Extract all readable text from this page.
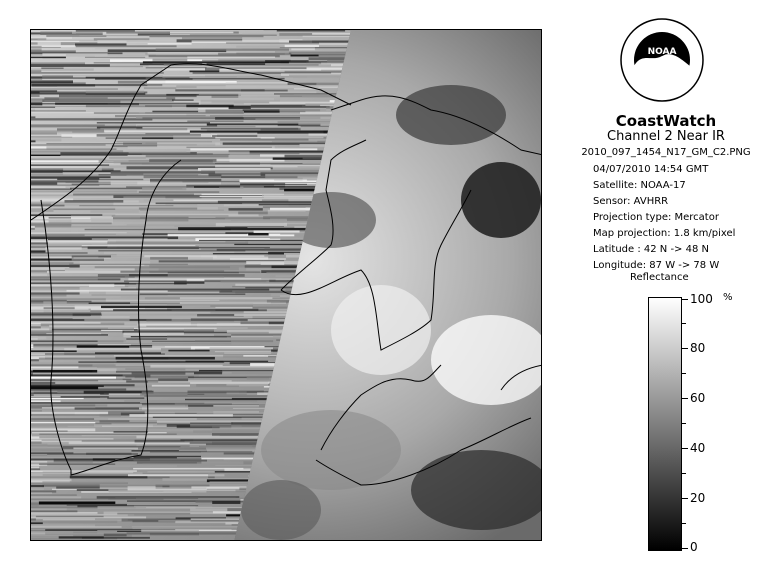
NOAA
CoastWatch
Channel 2 Near IR
2010_097_1454_N17_GM_C2.PNG
04/07/2010 14:54 GMT
Satellite: NOAA-17
Sensor: AVHRR
Projection type: Mercator
Map projection: 1.8 km/pixel
Latitude : 42 N -> 48 N
Longitude: 87 W -> 78 W
Reflectance
%
100
80
60
40
20
0
